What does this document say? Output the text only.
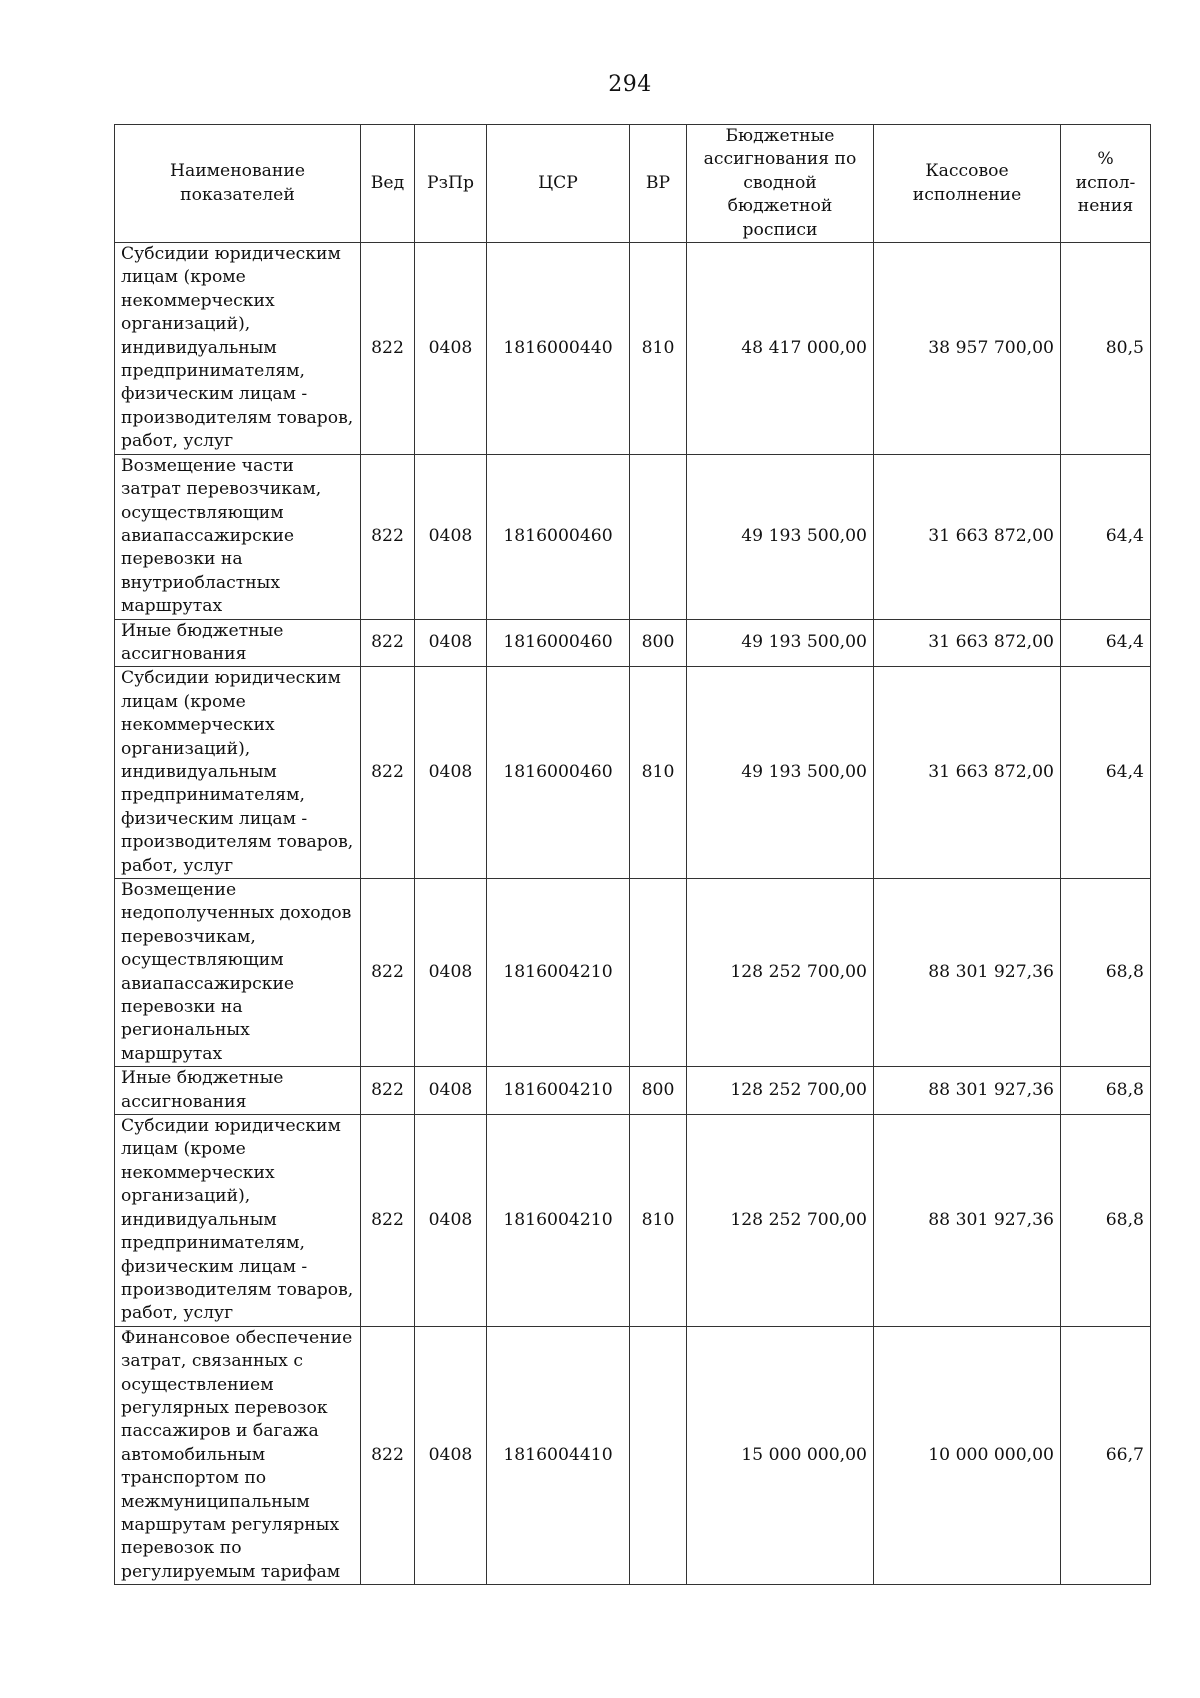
294
Наименование показателей	Вед	РзПр	ЦСР	ВР	Бюджетные ассигнования по сводной бюджетной росписи	Кассовое исполнение	% испол-нения
Субсидии юридическим лицам (кроме некоммерческих организаций), индивидуальным предпринимателям, физическим лицам - производителям товаров, работ, услуг	822	0408	1816000440	810	48 417 000,00	38 957 700,00	80,5
Возмещение части затрат перевозчикам, осуществляющим авиапассажирские перевозки на внутриобластных маршрутах	822	0408	1816000460		49 193 500,00	31 663 872,00	64,4
Иные бюджетные ассигнования	822	0408	1816000460	800	49 193 500,00	31 663 872,00	64,4
Субсидии юридическим лицам (кроме некоммерческих организаций), индивидуальным предпринимателям, физическим лицам - производителям товаров, работ, услуг	822	0408	1816000460	810	49 193 500,00	31 663 872,00	64,4
Возмещение недополученных доходов перевозчикам, осуществляющим авиапассажирские перевозки на региональных маршрутах	822	0408	1816004210		128 252 700,00	88 301 927,36	68,8
Иные бюджетные ассигнования	822	0408	1816004210	800	128 252 700,00	88 301 927,36	68,8
Субсидии юридическим лицам (кроме некоммерческих организаций), индивидуальным предпринимателям, физическим лицам - производителям товаров, работ, услуг	822	0408	1816004210	810	128 252 700,00	88 301 927,36	68,8
Финансовое обеспечение затрат, связанных с осуществлением регулярных перевозок пассажиров и багажа автомобильным транспортом по межмуниципальным маршрутам регулярных перевозок по регулируемым тарифам	822	0408	1816004410		15 000 000,00	10 000 000,00	66,7
